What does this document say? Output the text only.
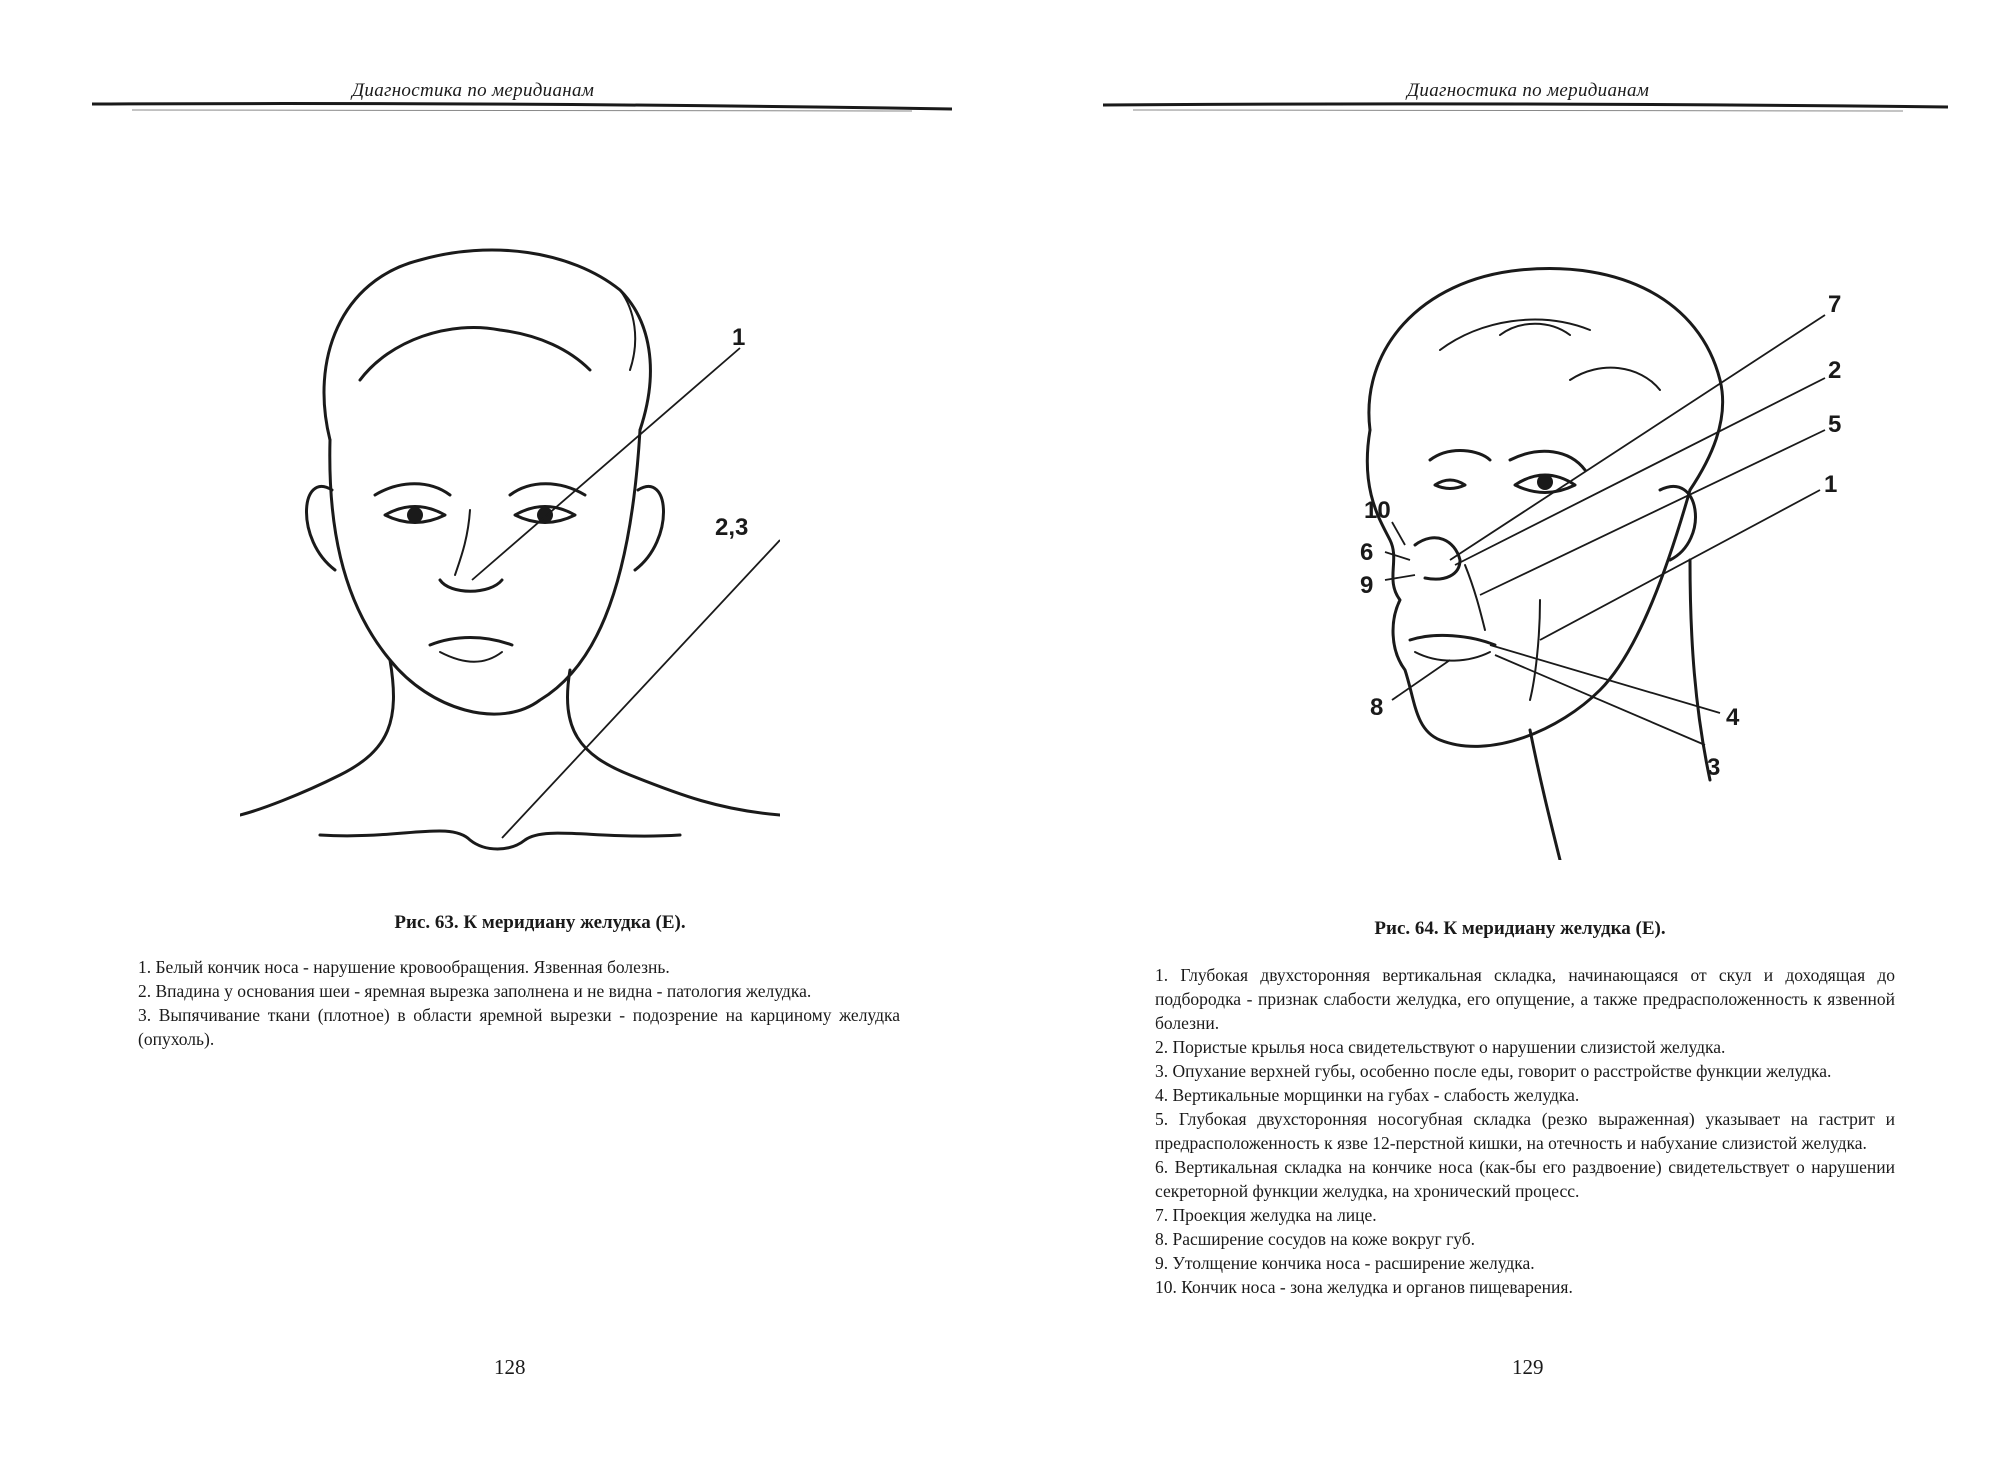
Диагностика по меридианам
1
2,3
Рис. 63. К меридиану желудка (Е).

1. Белый кончик носа - нарушение кровообращения. Язвенная болезнь.

2. Впадина у основания шеи - яремная вырезка заполнена и не видна - патология желудка.

3. Выпячивание ткани (плотное) в области яремной вырезки - подозрение на карциному желудка (опухоль).

128
Диагностика по меридианам
7
2
5
1
10
6
9
4
8
3
Рис. 64. К меридиану желудка (Е).

1. Глубокая двухсторонняя вертикальная складка, начинающаяся от скул и доходящая до подбородка - признак слабости желудка, его опущение, а также предрасположенность к язвенной болезни.

2. Пористые крылья носа свидетельствуют о нарушении слизистой желудка.

3. Опухание верхней губы, особенно после еды, говорит о расстройстве функции желудка.

4. Вертикальные морщинки на губах - слабость желудка.

5. Глубокая двухсторонняя носогубная складка (резко выраженная) указывает на гастрит и предрасположенность к язве 12-перстной кишки, на отечность и набухание слизистой желудка.

6. Вертикальная складка на кончике носа (как-бы его раздвоение) свидетельствует о нарушении секреторной функции желудка, на хронический процесс.

7. Проекция желудка на лице.

8. Расширение сосудов на коже вокруг губ.

9. Утолщение кончика носа - расширение желудка.

10. Кончик носа - зона желудка и органов пищеварения.

129
